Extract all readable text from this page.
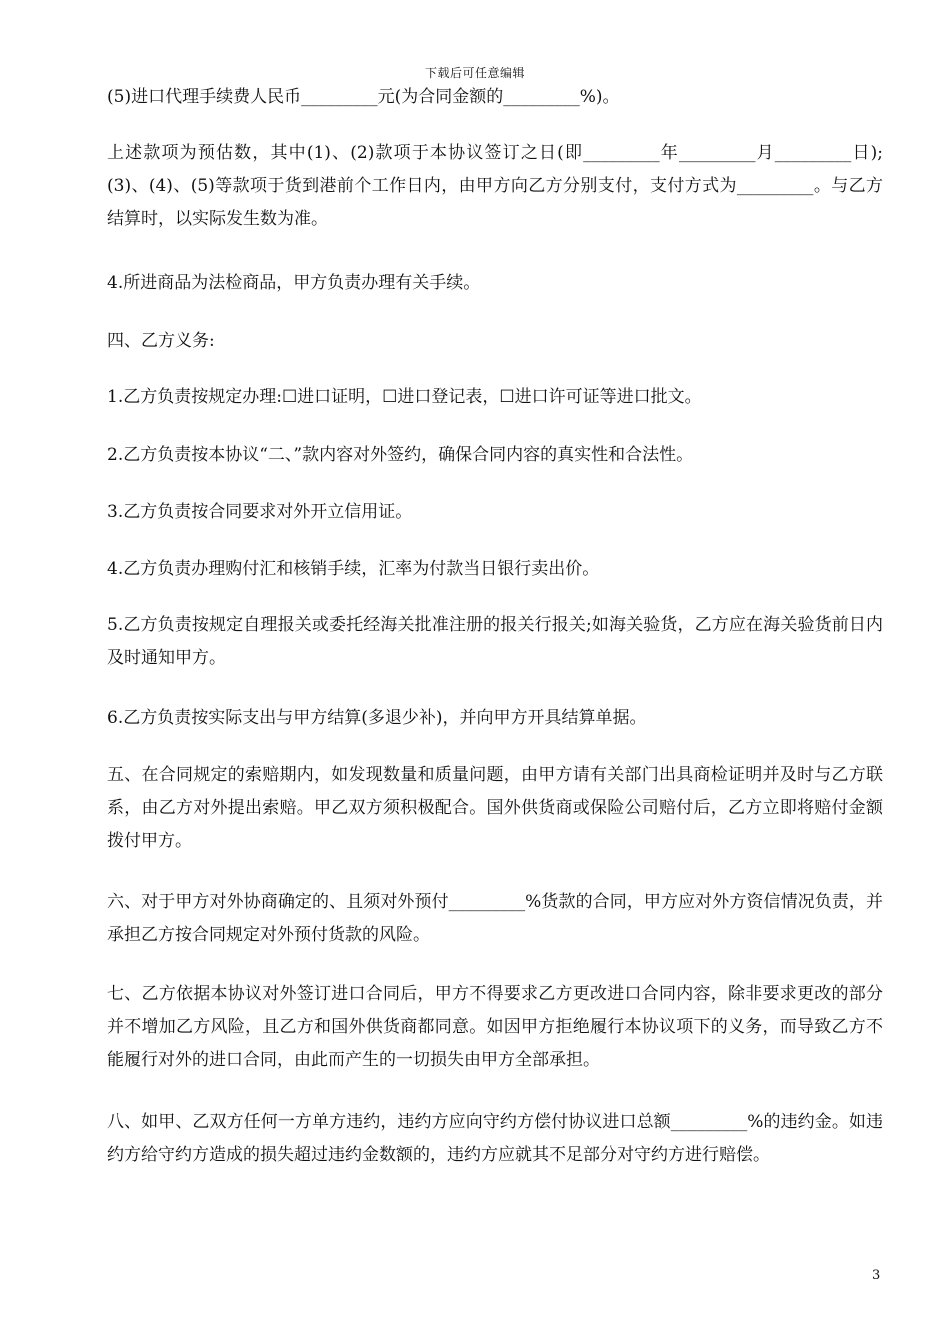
下载后可任意编辑
(5)进口代理手续费人民币_________元(为合同金额的_________%)。
上述款项为预估数，其中(1)、(2)款项于本协议签订之日(即_________年_________月_________日);(3)、(4)、(5)等款项于货到港前个工作日内，由甲方向乙方分别支付，支付方式为_________。与乙方结算时，以实际发生数为准。
4.所进商品为法检商品，甲方负责办理有关手续。
四、乙方义务:
1.乙方负责按规定办理:☐进口证明，☐进口登记表，☐进口许可证等进口批文。
2.乙方负责按本协议“二、”款内容对外签约，确保合同内容的真实性和合法性。
3.乙方负责按合同要求对外开立信用证。
4.乙方负责办理购付汇和核销手续，汇率为付款当日银行卖出价。
5.乙方负责按规定自理报关或委托经海关批准注册的报关行报关;如海关验货，乙方应在海关验货前日内及时通知甲方。
6.乙方负责按实际支出与甲方结算(多退少补)，并向甲方开具结算单据。
五、在合同规定的索赔期内，如发现数量和质量问题，由甲方请有关部门出具商检证明并及时与乙方联系，由乙方对外提出索赔。甲乙双方须积极配合。国外供货商或保险公司赔付后，乙方立即将赔付金额拨付甲方。
六、对于甲方对外协商确定的、且须对外预付_________%货款的合同，甲方应对外方资信情况负责，并承担乙方按合同规定对外预付货款的风险。
七、乙方依据本协议对外签订进口合同后，甲方不得要求乙方更改进口合同内容，除非要求更改的部分并不增加乙方风险，且乙方和国外供货商都同意。如因甲方拒绝履行本协议项下的义务，而导致乙方不能履行对外的进口合同，由此而产生的一切损失由甲方全部承担。
八、如甲、乙双方任何一方单方违约，违约方应向守约方偿付协议进口总额_________%的违约金。如违约方给守约方造成的损失超过违约金数额的，违约方应就其不足部分对守约方进行赔偿。
3
